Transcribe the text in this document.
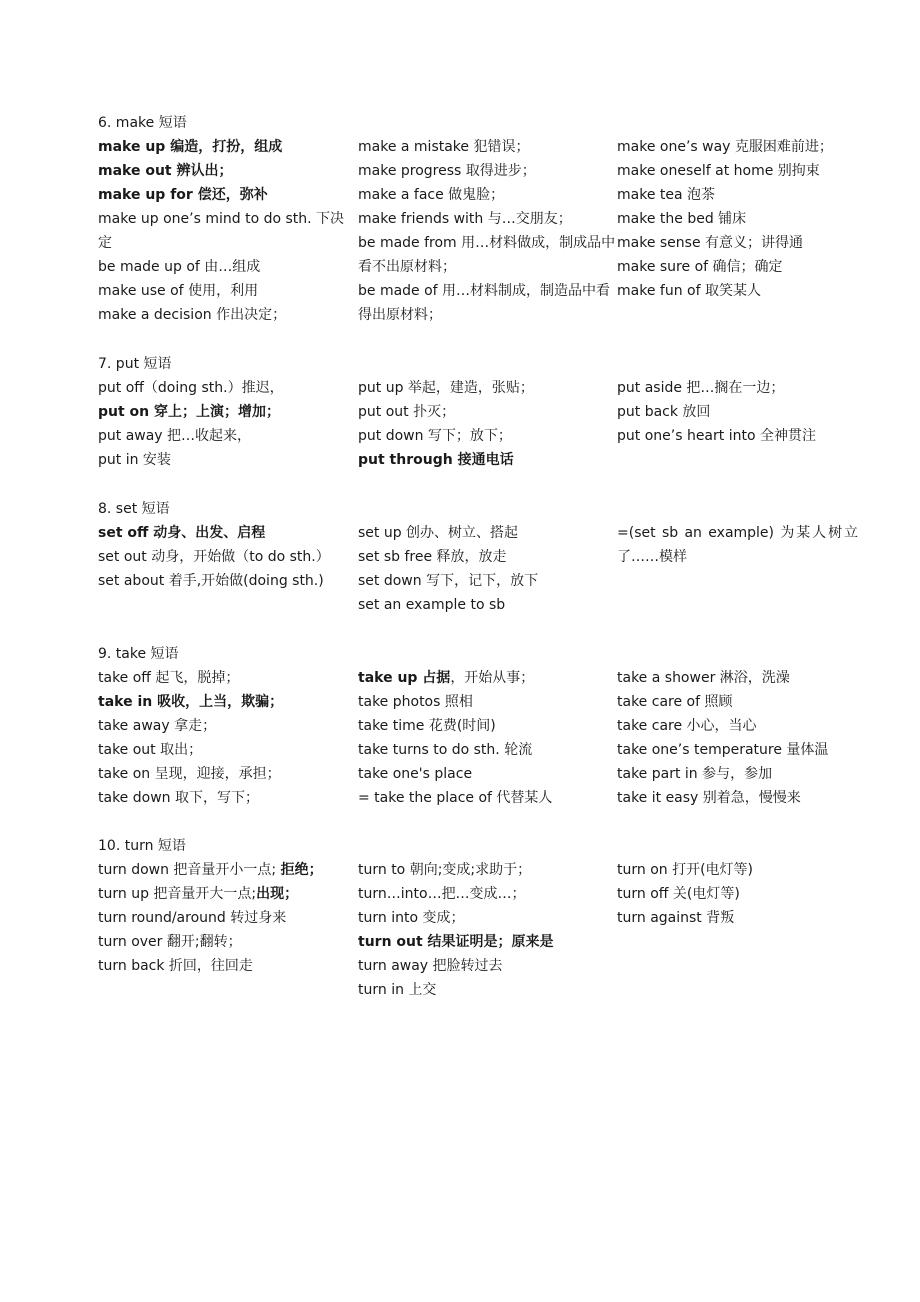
6. make 短语
make up 编造，打扮，组成
make out 辨认出；
make up for 偿还，弥补
make up one’s mind to do sth. 下决定
be made up of 由…组成
make use of 使用，利用
make a decision 作出决定；
make a mistake 犯错误；
make progress 取得进步；
make a face 做鬼脸；
make friends with 与…交朋友；
be made from 用…材料做成，制成品中看不出原材料；
be made of 用…材料制成，制造品中看得出原材料；
make one’s way 克服困难前进；
make oneself at home 别拘束
make tea 泡茶
make the bed 铺床
make sense 有意义；讲得通
make sure of 确信；确定
make fun of 取笑某人
7. put 短语
put off（doing sth.）推迟，
put on 穿上；上演；增加；
put away 把…收起来，
put in 安装
put up 举起，建造，张贴；
put out 扑灭；
put down 写下；放下；
put through 接通电话
put aside 把…搁在一边；
put back 放回
put one’s heart into 全神贯注
8. set 短语
set off 动身、出发、启程
set out 动身，开始做（to do sth.）
set about 着手,开始做(doing sth.)
set up 创办、树立、搭起
set sb free 释放，放走
set down 写下，记下，放下
set an example to sb
=(set sb an example) 为某人树立了……模样
9. take 短语
take off 起飞，脱掉；
take in 吸收，上当，欺骗；
take away 拿走；
take out 取出；
take on 呈现，迎接，承担；
take down 取下，写下；
take up 占据，开始从事；
take photos 照相
take time 花费(时间)
take turns to do sth. 轮流
take one's place
= take the place of 代替某人
take a shower 淋浴，洗澡
take care of 照顾
take care 小心，当心
take one’s temperature 量体温
take part in 参与，参加
take it easy 别着急，慢慢来
10. turn 短语
turn down 把音量开小一点; 拒绝；
turn up 把音量开大一点;出现；
turn round/around 转过身来
turn over 翻开;翻转；
turn back 折回，往回走
turn to 朝向;变成;求助于；
turn…into…把…变成…；
turn into 变成；
turn out 结果证明是；原来是
turn away 把脸转过去
turn in 上交
turn on 打开(电灯等)
turn off 关(电灯等)
turn against 背叛
